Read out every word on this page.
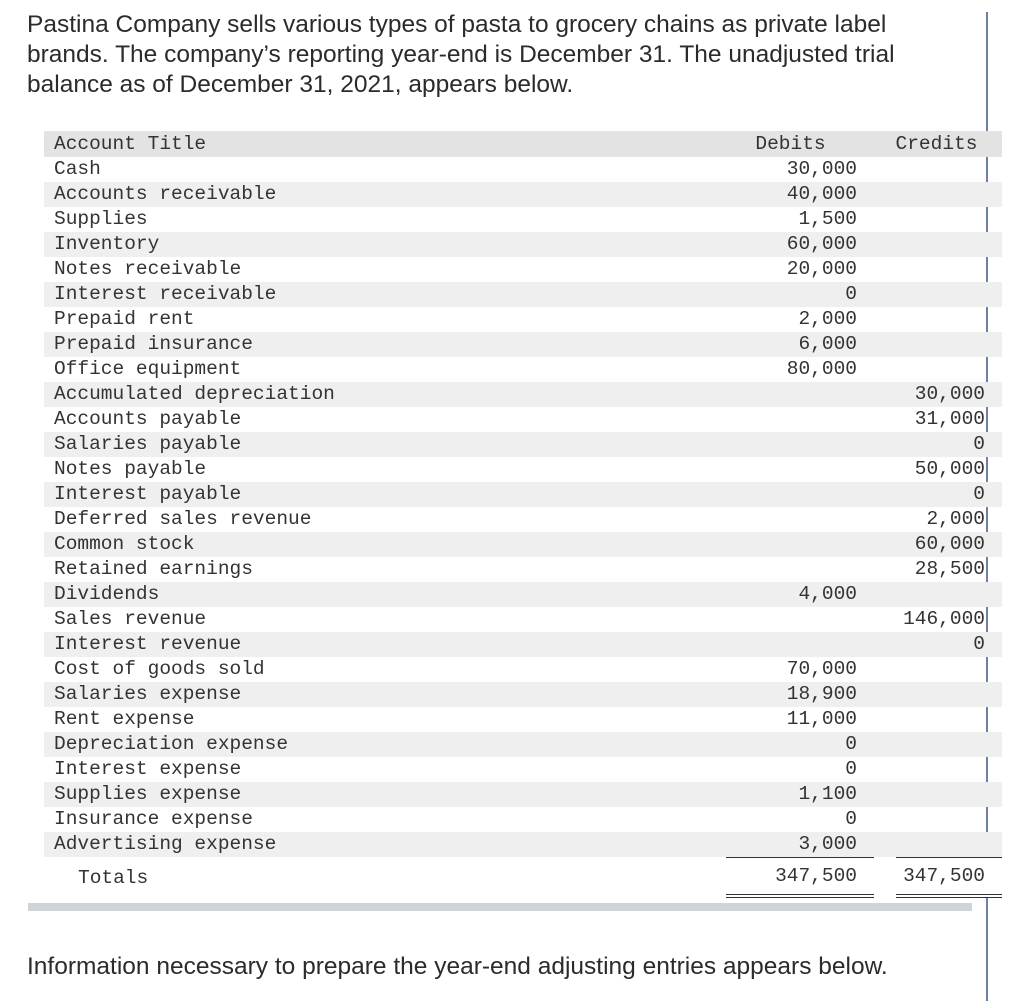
Pastina Company sells various types of pasta to grocery chains as private label brands. The company’s reporting year-end is December 31. The unadjusted trial balance as of December 31, 2021, appears below.

Account Title	Debits		Credits
Cash	30,000		
Accounts receivable	40,000		
Supplies	1,500		
Inventory	60,000		
Notes receivable	20,000		
Interest receivable	0		
Prepaid rent	2,000		
Prepaid insurance	6,000		
Office equipment	80,000		
Accumulated depreciation			30,000
Accounts payable			31,000
Salaries payable			0
Notes payable			50,000
Interest payable			0
Deferred sales revenue			2,000
Common stock			60,000
Retained earnings			28,500
Dividends	4,000		
Sales revenue			146,000
Interest revenue			0
Cost of goods sold	70,000		
Salaries expense	18,900		
Rent expense	11,000		
Depreciation expense	0		
Interest expense	0		
Supplies expense	1,100		
Insurance expense	0		
Advertising expense	3,000		
Totals	347,500		347,500

Information necessary to prepare the year-end adjusting entries appears below.
